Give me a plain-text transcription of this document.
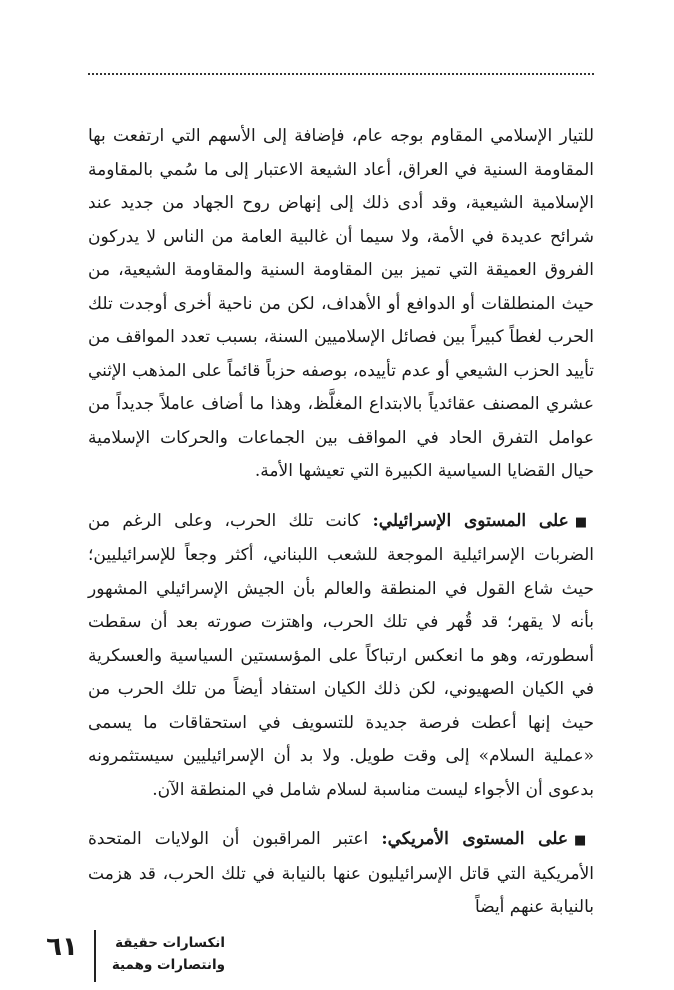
للتيار الإسلامي المقاوم بوجه عام، فإضافة إلى الأسهم التي ارتفعت بها المقاومة السنية في العراق، أعاد الشيعة الاعتبار إلى ما سُمي بالمقاومة الإسلامية الشيعية، وقد أدى ذلك إلى إنهاض روح الجهاد من جديد عند شرائح عديدة في الأمة، ولا سيما أن غالبية العامة من الناس لا يدركون الفروق العميقة التي تميز بين المقاومة السنية والمقاومة الشيعية، من حيث المنطلقات أو الدوافع أو الأهداف، لكن من ناحية أخرى أوجدت تلك الحرب لغطاً كبيراً بين فصائل الإسلاميين السنة، بسبب تعدد المواقف من تأييد الحزب الشيعي أو عدم تأييده، بوصفه حزباً قائماً على المذهب الإثني عشري المصنف عقائدياً بالابتداع المغلَّظ، وهذا ما أضاف عاملاً جديداً من عوامل التفرق الحاد في المواقف بين الجماعات والحركات الإسلامية حيال القضايا السياسية الكبيرة التي تعيشها الأمة.

■على المستوى الإسرائيلي: كانت تلك الحرب، وعلى الرغم من الضربات الإسرائيلية الموجعة للشعب اللبناني، أكثر وجعاً للإسرائيليين؛ حيث شاع القول في المنطقة والعالم بأن الجيش الإسرائيلي المشهور بأنه لا يقهر؛ قد قُهر في تلك الحرب، واهتزت صورته بعد أن سقطت أسطورته، وهو ما انعكس ارتباكاً على المؤسستين السياسية والعسكرية في الكيان الصهيوني، لكن ذلك الكيان استفاد أيضاً من تلك الحرب من حيث إنها أعطت فرصة جديدة للتسويف في استحقاقات ما يسمى «عملية السلام» إلى وقت طويل. ولا بد أن الإسرائيليين سيستثمرونه بدعوى أن الأجواء ليست مناسبة لسلام شامل في المنطقة الآن.

■على المستوى الأمريكي: اعتبر المراقبون أن الولايات المتحدة الأمريكية التي قاتل الإسرائيليون عنها بالنيابة في تلك الحرب، قد هزمت بالنيابة عنهم أيضاً

انكسارات حقيقة
وانتصارات وهمية
٦١
